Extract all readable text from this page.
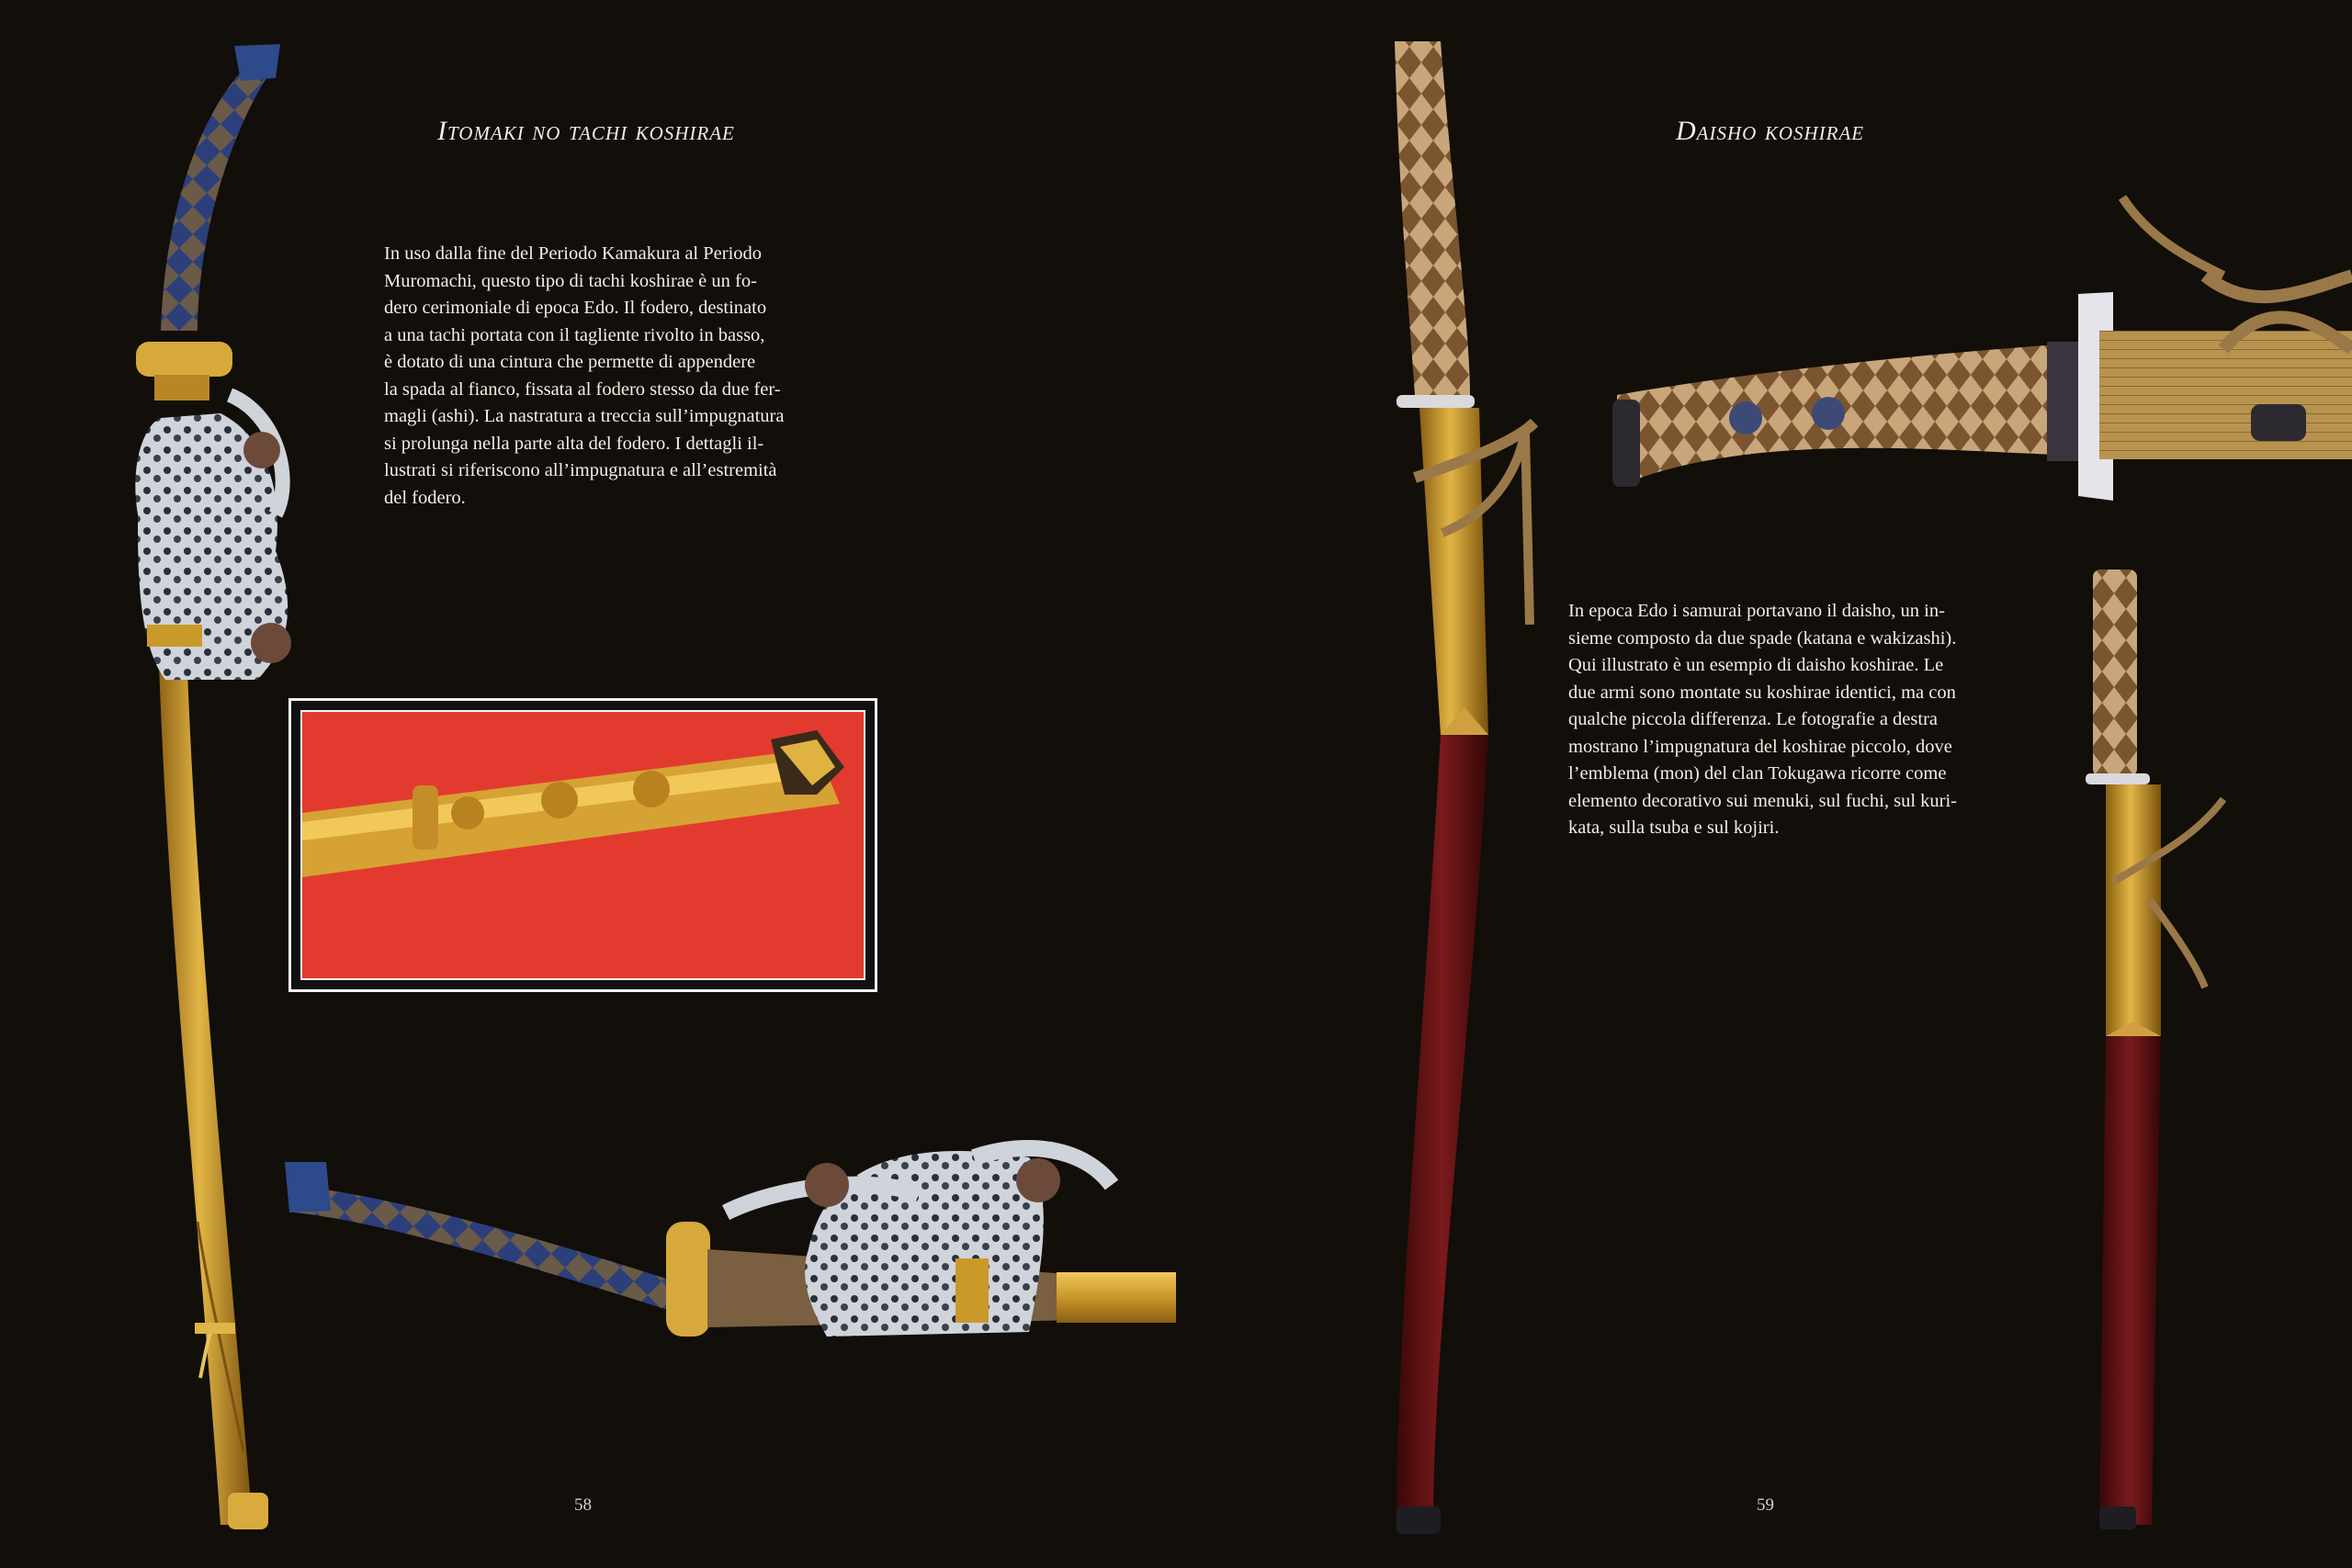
Itomaki no tachi koshirae

In uso dalla fine del Periodo Kamakura al Periodo
Muromachi, questo tipo di tachi koshirae è un fo-
dero cerimoniale di epoca Edo. Il fodero, destinato
a una tachi portata con il tagliente rivolto in basso,
è dotato di una cintura che permette di appendere
la spada al fianco, fissata al fodero stesso da due fer-
magli (ashi). La nastratura a treccia sull’impugnatura
si prolunga nella parte alta del fodero. I dettagli il-
lustrati si riferiscono all’impugnatura e all’estremità
del fodero.

58
Daisho koshirae

In epoca Edo i samurai portavano il daisho, un in-
sieme composto da due spade (katana e wakizashi).
Qui illustrato è un esempio di daisho koshirae. Le
due armi sono montate su koshirae identici, ma con
qualche piccola differenza. Le fotografie a destra
mostrano l’impugnatura del koshirae piccolo, dove
l’emblema (mon) del clan Tokugawa ricorre come
elemento decorativo sui menuki, sul fuchi, sul kuri-
kata, sulla tsuba e sul kojiri.

59
